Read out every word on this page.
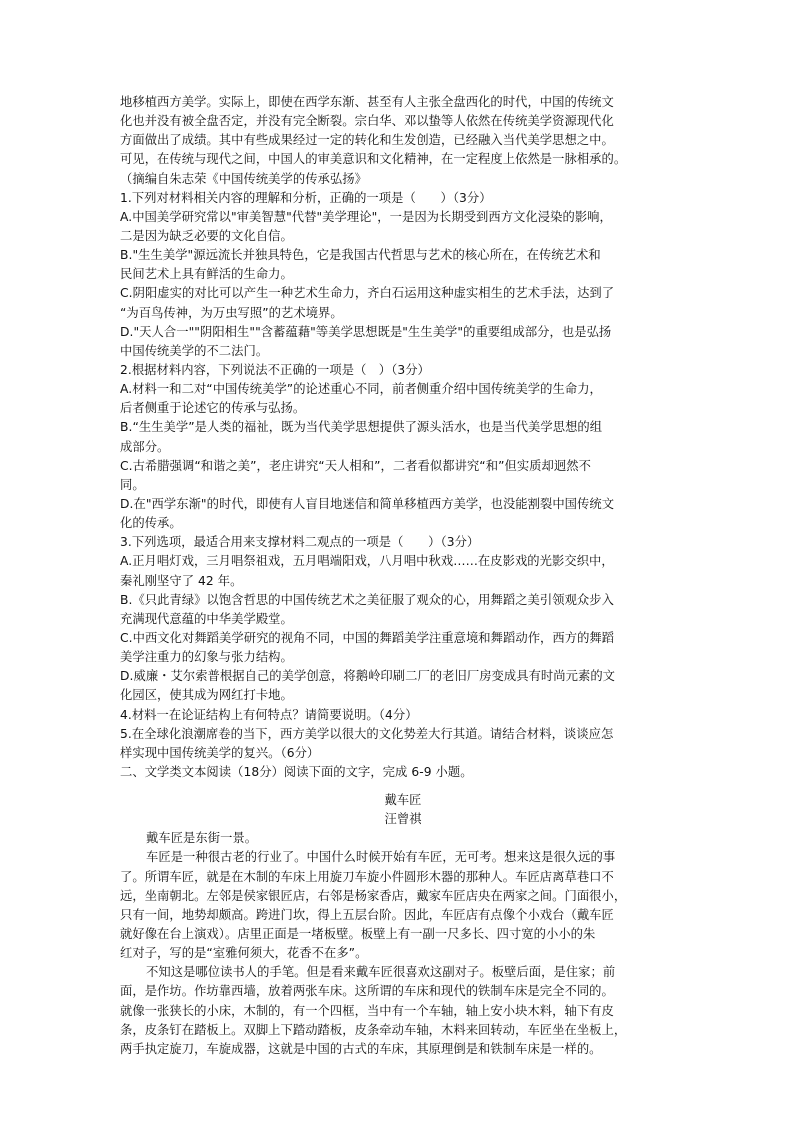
地移植西方美学。实际上，即使在西学东渐、甚至有人主张全盘西化的时代，中国的传统文
化也并没有被全盘否定，并没有完全断裂。宗白华、邓以蛰等人依然在传统美学资源现代化
方面做出了成绩。其中有些成果经过一定的转化和生发创造，已经融入当代美学思想之中。
可见，在传统与现代之间，中国人的审美意识和文化精神，在一定程度上依然是一脉相承的。
（摘编自朱志荣《中国传统美学的传承弘扬》
1.下列对材料相关内容的理解和分析，正确的一项是（　　）（3分）
A.中国美学研究常以"审美智慧"代替"美学理论"，一是因为长期受到西方文化浸染的影响，
二是因为缺乏必要的文化自信。
B."生生美学"源远流长并独具特色，它是我国古代哲思与艺术的核心所在，在传统艺术和
民间艺术上具有鲜活的生命力。
C.阴阳虚实的对比可以产生一种艺术生命力，齐白石运用这种虚实相生的艺术手法，达到了
“为百鸟传神，为万虫写照”的艺术境界。
D."天人合一""阴阳相生""含蓄蕴藉"等美学思想既是"生生美学"的重要组成部分，也是弘扬
中国传统美学的不二法门。
2.根据材料内容，下列说法不正确的一项是（　）（3分）
A.材料一和二对“中国传统美学”的论述重心不同，前者侧重介绍中国传统美学的生命力，
后者侧重于论述它的传承与弘扬。
B.“生生美学”是人类的福祉，既为当代美学思想提供了源头活水，也是当代美学思想的组
成部分。
C.古希腊强调“和谐之美”，老庄讲究“天人相和”，二者看似都讲究“和”但实质却迥然不
同。
D.在"西学东渐"的时代，即使有人盲目地迷信和简单移植西方美学，也没能割裂中国传统文
化的传承。
3.下列选项，最适合用来支撑材料二观点的一项是（　　）（3分）
A.正月唱灯戏，三月唱祭祖戏，五月唱端阳戏，八月唱中秋戏……在皮影戏的光影交织中，
秦礼刚坚守了 42 年。
B.《只此青绿》以饱含哲思的中国传统艺术之美征服了观众的心，用舞蹈之美引领观众步入
充满现代意蕴的中华美学殿堂。
C.中西文化对舞蹈美学研究的视角不同，中国的舞蹈美学注重意境和舞蹈动作，西方的舞蹈
美学注重力的幻象与张力结构。
D.威廉・艾尔索普根据自己的美学创意，将鹅岭印刷二厂的老旧厂房变成具有时尚元素的文
化园区，使其成为网红打卡地。
4.材料一在论证结构上有何特点？请简要说明。（4分）
5.在全球化浪潮席卷的当下，西方美学以很大的文化势差大行其道。请结合材料，谈谈应怎
样实现中国传统美学的复兴。（6分）
二、文学类文本阅读（18分）阅读下面的文字，完成 6-9 小题。
戴车匠
汪曾祺
戴车匠是东街一景。
车匠是一种很古老的行业了。中国什么时候开始有车匠，无可考。想来这是很久远的事
了。所谓车匠，就是在木制的车床上用旋刀车旋小件圆形木器的那种人。车匠店离草巷口不
远，坐南朝北。左邻是侯家银匠店，右邻是杨家香店，戴家车匠店央在两家之间。门面很小，
只有一间，地势却颇高。跨进门坎，得上五层台阶。因此，车匠店有点像个小戏台（戴车匠
就好像在台上演戏）。店里正面是一堵板壁。板壁上有一副一尺多长、四寸宽的小小的朱
红对子，写的是“室雅何须大，花香不在多”。
不知这是哪位读书人的手笔。但是看来戴车匠很喜欢这副对子。板壁后面，是住家；前
面，是作坊。作坊靠西墙，放着两张车床。这所谓的车床和现代的铁制车床是完全不同的。
就像一张狭长的小床，木制的，有一个四框，当中有一个车轴，轴上安小块木料，轴下有皮
条，皮条钉在踏板上。双脚上下踏动踏板，皮条牵动车轴，木料来回转动，车匠坐在坐板上，
两手执定旋刀，车旋成器，这就是中国的古式的车床，其原理倒是和铁制车床是一样的。
